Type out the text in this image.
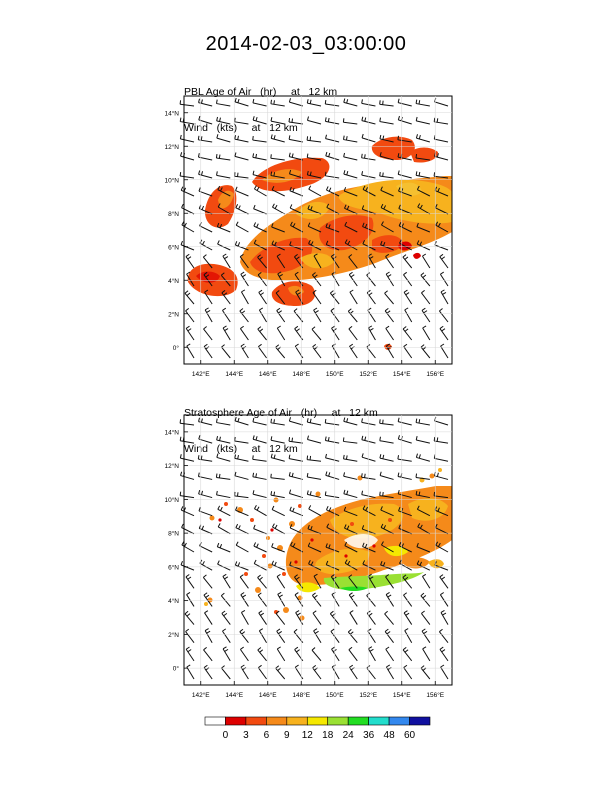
2014-02-03_03:00:00

PBL Age of Air   (hr)     at   12 km

Wind   (kts)     at   12 km

Stratosphere Age of Air   (hr)     at   12 km

Wind   (kts)     at   12 km

14°N
12°N
10°N
8°N
6°N
4°N
2°N
0°
142°E 144°E 146°E 148°E 150°E 152°E 154°E 156°E
14°N
12°N
10°N
8°N
6°N
4°N
2°N
0°
142°E 144°E 146°E 148°E 150°E 152°E 154°E 156°E
0 3 6 9 12 18 24 36 48 60
